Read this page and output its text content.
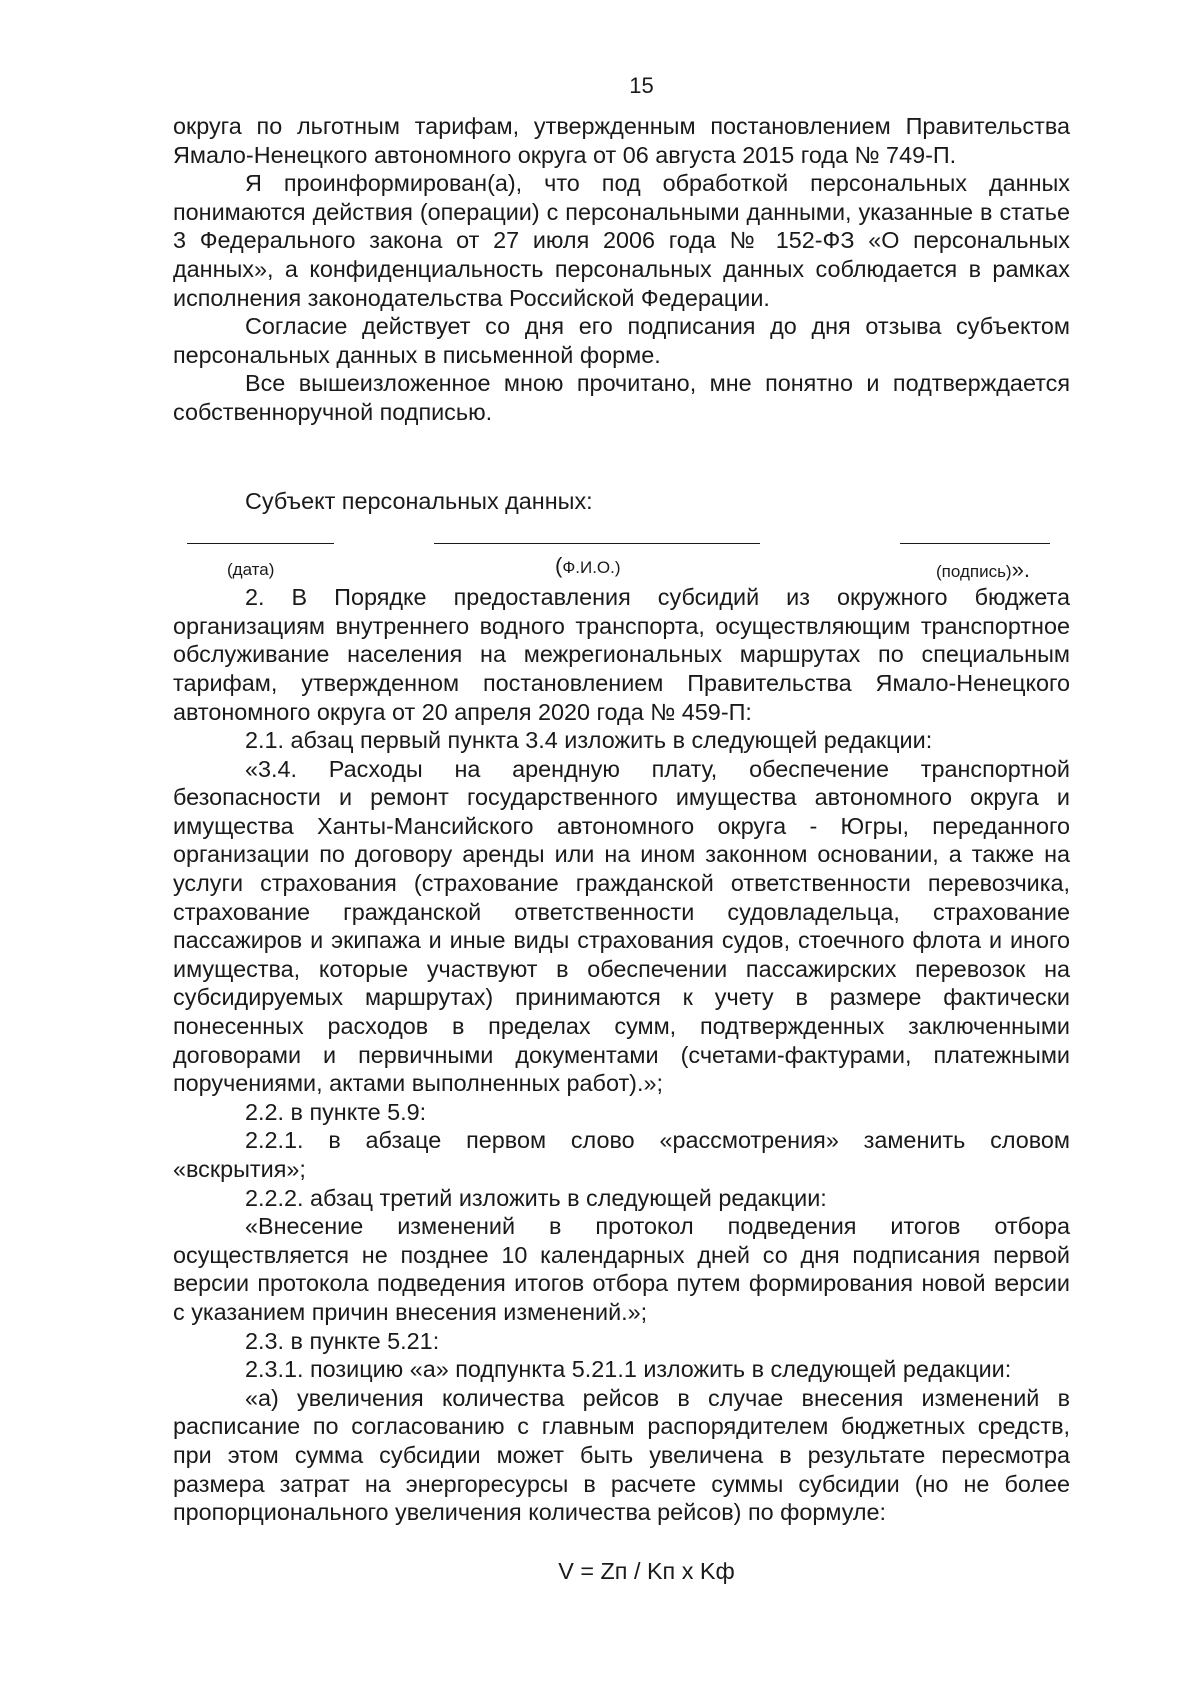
15

округа по льготным тарифам, утвержденным постановлением Правительства Ямало-Ненецкого автономного округа от 06 августа 2015 года № 749-П.

Я проинформирован(а), что под обработкой персональных данных понимаются действия (операции) с персональными данными, указанные в статье 3 Федерального закона от 27 июля 2006 года № 152-ФЗ «О персональных данных», а конфиденциальность персональных данных соблюдается в рамках исполнения законодательства Российской Федерации.

Согласие действует со дня его подписания до дня отзыва субъектом персональных данных в письменной форме.

Все вышеизложенное мною прочитано, мне понятно и подтверждается собственноручной подписью.

Субъект персональных данных:

(дата)	(Ф.И.О.)	(подпись)».

2. В Порядке предоставления субсидий из окружного бюджета организациям внутреннего водного транспорта, осуществляющим транспортное обслуживание населения на межрегиональных маршрутах по специальным тарифам, утвержденном постановлением Правительства Ямало-Ненецкого автономного округа от 20 апреля 2020 года № 459-П:

2.1. абзац первый пункта 3.4 изложить в следующей редакции:

«3.4. Расходы на арендную плату, обеспечение транспортной безопасности и ремонт государственного имущества автономного округа и имущества Ханты-Мансийского автономного округа - Югры, переданного организации по договору аренды или на ином законном основании, а также на услуги страхования (страхование гражданской ответственности перевозчика, страхование гражданской ответственности судовладельца, страхование пассажиров и экипажа и иные виды страхования судов, стоечного флота и иного имущества, которые участвуют в обеспечении пассажирских перевозок на субсидируемых маршрутах) принимаются к учету в размере фактически понесенных расходов в пределах сумм, подтвержденных заключенными договорами и первичными документами (счетами-фактурами, платежными поручениями, актами выполненных работ).»;

2.2. в пункте 5.9:

2.2.1. в абзаце первом слово «рассмотрения» заменить словом «вскрытия»;

2.2.2. абзац третий изложить в следующей редакции:

«Внесение изменений в протокол подведения итогов отбора осуществляется не позднее 10 календарных дней со дня подписания первой версии протокола подведения итогов отбора путем формирования новой версии с указанием причин внесения изменений.»;

2.3. в пункте 5.21:

2.3.1. позицию «а» подпункта 5.21.1 изложить в следующей редакции:

«а) увеличения количества рейсов в случае внесения изменений в расписание по согласованию с главным распорядителем бюджетных средств, при этом сумма субсидии может быть увеличена в результате пересмотра размера затрат на энергоресурсы в расчете суммы субсидии (но не более пропорционального увеличения количества рейсов) по формуле:

V = Zп / Kп x Kф
